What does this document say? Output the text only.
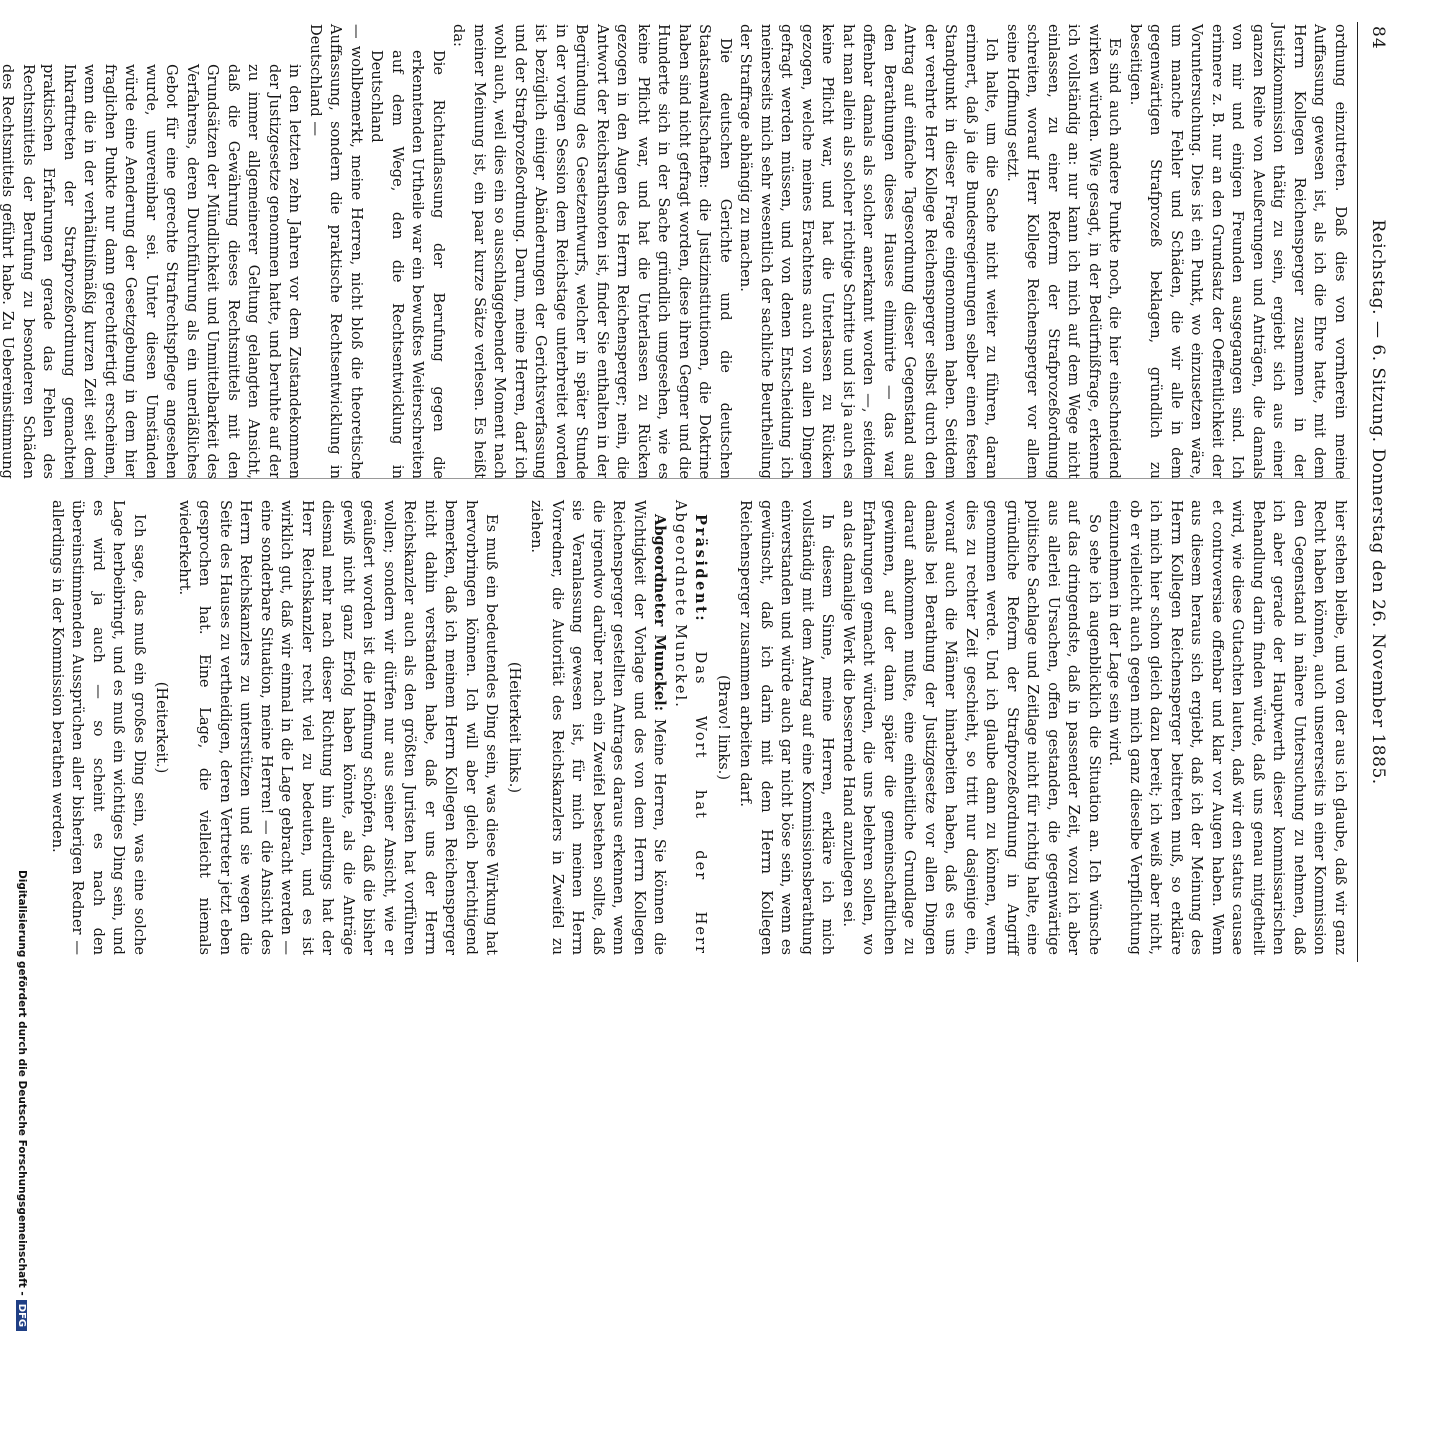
84
Reichstag. — 6. Sitzung. Donnerstag den 26. November 1885.

ordnung einzutreten. Daß dies von vornherein meine Auffassung gewesen ist, als ich die Ehre hatte, mit dem Herrn Kollegen Reichensperger zusammen in der Justizkommission thätig zu sein, ergiebt sich aus einer ganzen Reihe von Aeußerungen und Anträgen, die damals von mir und einigen Freunden ausgegangen sind. Ich erinnere z. B. nur an den Grundsatz der Oeffentlichkeit der Voruntersuchung. Dies ist ein Punkt, wo einzusetzen wäre, um manche Fehler und Schäden, die wir alle in dem gegenwärtigen Strafprozeß beklagen, gründlich zu beseitigen.

Es sind auch andere Punkte noch, die hier einschneidend wirken würden. Wie gesagt, in der Bedürfnißfrage, erkenne ich vollständig an: nur kann ich mich auf dem Wege nicht einlassen, zu einer Reform der Strafprozeßordnung schreiten, worauf Herr Kollege Reichensperger vor allem seine Hoffnung setzt.

Ich halte, um die Sache nicht weiter zu führen, daran erinnert, daß ja die Bundesregierungen selber einen festen Standpunkt in dieser Frage eingenommen haben. Seitdem der verehrte Herr Kollege Reichensperger selbst durch den Antrag auf einfache Tagesordnung dieser Gegenstand aus den Berathungen dieses Hauses eliminirte — das war offenbar damals als solcher anerkannt worden —, seitdem hat man allein als solcher richtige Schritte und ist ja auch es keine Pflicht war, und hat die Unterlassen zu Rücken gezogen, welche meines Erachtens auch von allen Dingen gefragt werden müssen, und von denen Entscheidung ich meinerseits mich sehr wesentlich der sachliche Beurtheilung der Straffrage abhängig zu machen.

Die deutschen Gerichte und die deutschen Staatsanwaltschaften: die Justizinstitutionen, die Doktrine haben sind nicht gefragt worden, diese ihren Gegner und die Hunderte sich in der Sache gründlich umgesehen, wie es keine Pflicht war, und hat die Unterlassen zu Rücken gezogen in den Augen des Herrn Reichensperger; nein, die Antwort der Reichsrathsnoten ist, finder Sie enthalten in der Begründung des Gesetzentwurfs, welcher in später Stunde in der vorigen Session dem Reichstage unterbreitet worden ist bezüglich einiger Abänderungen der Gerichtsverfassung und der Strafprozeßordnung. Darum, meine Herren, darf ich wohl auch, weil dies ein so ausschlaggebender Moment nach meiner Meinung ist, ein paar kurze Sätze verlesen. Es heißt da:

Die Richtauflassung der Berufung gegen die erkenntenden Urtheile war ein bewußtes Weiterschreiten auf dem Wege, den die Rechtsentwicklung in Deutschland

— wohlbemerkt, meine Herren, nicht bloß die theoretische Auffassung, sondern die praktische Rechtsentwicklung in Deutschland —

in den letzten zehn Jahren vor dem Zustandekommen der Justizgesetze genommen hatte, und beruhte auf der zu immer allgemeinerer Geltung gelangten Ansicht, daß die Gewährung dieses Rechtsmittels mit den Grundsätzen der Mündlichkeit und Unmittelbarkeit des Verfahrens, deren Durchführung als ein unerläßliches Gebot für eine gerechte Strafrechtspflege angesehen wurde, unvereinbar sei. Unter diesen Umständen würde eine Aenderung der Gesetzgebung in dem hier fraglichen Punkte nur dann gerechtfertigt erscheinen, wenn die in der verhältnißmäßig kurzen Zeit seit dem Inkrafttreten der Strafprozeßordnung gemachten praktischen Erfahrungen gerade das Fehlen des Rechtsmittels der Berufung zu besonderen Schäden des Rechtsmittels geführt habe. Zu Uebereinstimmung

hier stehen bleibe, und von der aus ich glaube, daß wir ganz Recht haben können, auch unsererseits in einer Kommission den Gegenstand in nähere Untersuchung zu nehmen, daß ich aber gerade der Hauptwerth dieser kommissarischen Behandlung darin finden würde, daß uns genau mitgetheilt wird, wie diese Gutachten lauten, daß wir den status causae et controversiae offenbar und klar vor Augen haben. Wenn aus diesem heraus sich ergiebt, daß ich der Meinung des Herrn Kollegen Reichensperger beitreten muß, so erkläre ich mich hier schon gleich dazu bereit; ich weiß aber nicht, ob er vielleicht auch gegen mich ganz dieselbe Verpflichtung einzunehmen in der Lage sein wird.

So sehe ich augenblicklich die Situation an. Ich wünsche auf das dringendste, daß in passender Zeit, wozu ich aber aus allerlei Ursachen, offen gestanden, die gegenwärtige politische Sachlage und Zeitlage nicht für richtig halte, eine gründliche Reform der Strafprozeßordnung in Angriff genommen werde. Und ich glaube dann zu können, wenn dies zu rechter Zeit geschieht, so tritt nur dasjenige ein, worauf auch die Männer hinarbeiten haben, daß es uns damals bei Berathung der Justizgesetze vor allen Dingen darauf ankommen mußte, eine einheitliche Grundlage zu gewinnen, auf der dann später die gemeinschaftlichen Erfahrungen gemacht würden, die uns belehren sollen, wo an das damalige Werk die bessernde Hand anzulegen sei.

In diesem Sinne, meine Herren, erkläre ich mich vollständig mit dem Antrag auf eine Kommissionsberathung einverstanden und würde auch gar nicht böse sein, wenn es gewünscht, daß ich darin mit dem Herrn Kollegen Reichensperger zusammen arbeiten darf.

(Bravo! links.)

Präsident: Das Wort hat der Herr Abgeordnete Munckel.

Abgeordneter Munckel: Meine Herren, Sie können die Wichtigkeit der Vorlage und des von dem Herrn Kollegen Reichensperger gestellten Antrages daraus erkennen, wenn die irgendwo darüber nach ein Zweifel bestehen sollte, daß sie Veranlassung gewesen ist, für mich meinen Herrn Vorredner, die Autorität des Reichskanzlers in Zweifel zu ziehen.

(Heiterkeit links.)

Es muß ein bedeutendes Ding sein, was diese Wirkung hat hervorbringen können. Ich will aber gleich berichtigend bemerken, daß ich meinem Herrn Kollegen Reichensperger nicht dahin verstanden habe, daß er uns der Herrn Reichskanzler auch als den größten Juristen hat vorführen wollen; sondern wir dürfen nur aus seiner Ansicht, wie er geäußert worden ist die Hoffnung schöpfen, daß die bisher gewiß nicht ganz Erfolg haben könnte, als die Anträge diesmal mehr nach dieser Richtung hin allerdings hat der Herr Reichskanzler recht viel zu bedeuten, und es ist wirklich gut, daß wir einmal in die Lage gebracht werden — eine sonderbare Situation, meine Herren! — die Ansicht des Herrn Reichskanzlers zu unterstützen und sie wegen die Seite des Hauses zu vertheidigen, deren Vertreter jetzt eben gesprochen hat. Eine Lage, die vielleicht niemals wiederkehrt.

(Heiterkeit.)

Ich sage, das muß ein großes Ding sein, was eine solche Lage herbeibringt, und es muß ein wichtiges Ding sein, und es wird ja auch — so scheint es nach den übereinstimmenden Aussprüchen aller bisherigen Redner — allerdings in der Kommission berathen werden.

Digitalisierung gefördert durch die Deutsche Forschungsgemeinschaft -DFG
